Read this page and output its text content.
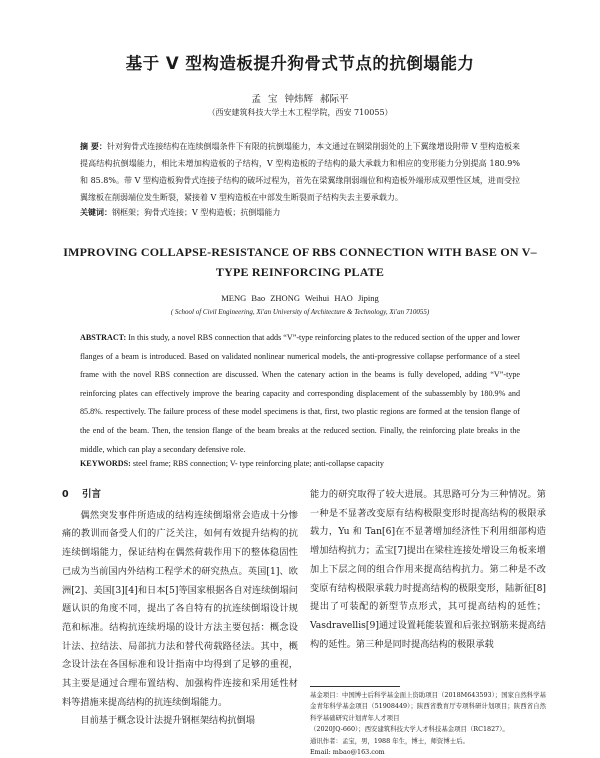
基于 V 型构造板提升狗骨式节点的抗倒塌能力
孟 宝 钟炜辉 郝际平
（西安建筑科技大学土木工程学院，西安 710055）
摘 要：针对狗骨式连接结构在连续倒塌条件下有限的抗倒塌能力，本文通过在钢梁削弱处的上下翼缘增设附带 V 型构造板来提高结构抗倒塌能力，相比未增加构造板的子结构，V 型构造板的子结构的最大承载力和相应的变形能力分别提高 180.9%和 85.8%。带 V 型构造板狗骨式连接子结构的破坏过程为，首先在梁翼缘削弱端位和构造板外端形成双塑性区域，进而受拉翼缘板在削弱端位发生断裂，紧接着 V 型构造板在中部发生断裂而子结构失去主要承载力。
关键词：钢框架；狗骨式连接；V 型构造板；抗倒塌能力
IMPROVING COLLAPSE-RESISTANCE OF RBS CONNECTION WITH BASE ON V–TYPE REINFORCING PLATE
MENG Bao ZHONG Weihui HAO Jiping
( School of Civil Engineering, Xi'an University of Architecture & Technology, Xi'an 710055)
ABSTRACT: In this study, a novel RBS connection that adds “V”-type reinforcing plates to the reduced section of the upper and lower flanges of a beam is introduced. Based on validated nonlinear numerical models, the anti-progressive collapse performance of a steel frame with the novel RBS connection are discussed. When the catenary action in the beams is fully developed, adding “V”-type reinforcing plates can effectively improve the bearing capacity and corresponding displacement of the subassembly by 180.9% and 85.8%. respectively. The failure process of these model specimens is that, first, two plastic regions are formed at the tension flange of the end of the beam. Then, the tension flange of the beam breaks at the reduced section. Finally, the reinforcing plate breaks in the middle, which can play a secondary defensive role.
KEYWORDS: steel frame; RBS connection; V- type reinforcing plate; anti-collapse capacity
0 引言

偶然突发事件所造成的结构连续倒塌常会造成十分惨痛的教训而备受人们的广泛关注，如何有效提升结构的抗连续倒塌能力，保证结构在偶然荷载作用下的整体稳固性已成为当前国内外结构工程学术的研究热点。英国[1]、欧洲[2]、美国[3][4]和日本[5]等国家根据各自对连续倒塌问题认识的角度不同，提出了各自特有的抗连续倒塌设计规范和标准。结构抗连续坍塌的设计方法主要包括：概念设计法、拉结法、局部抗力法和替代荷载路径法。其中，概念设计法在各国标准和设计指南中均得到了足够的重视，其主要是通过合理布置结构、加强构件连接和采用延性材料等措施来提高结构的抗连续倒塌能力。

目前基于概念设计法提升钢框架结构抗倒塌

能力的研究取得了较大进展。其思路可分为三种情况。第一种是不显著改变原有结构极限变形时提高结构的极限承载力，Yu 和 Tan[6]在不显著增加经济性下利用细部构造增加结构抗力；孟宝[7]提出在梁柱连接处增设三角板来增加上下层之间的组合作用来提高结构抗力。第二种是不改变原有结构极限承载力时提高结构的极限变形，陆新征[8]提出了可装配的新型节点形式，其可提高结构的延性；Vasdravellis[9]通过设置耗能装置和后张拉钢筋来提高结构的延性。第三种是同时提高结构的极限承载

基金项目：中国博士后科学基金面上资助项目（2018M643593）；国家自然科学基金青年科学基金项目（51908449）；陕西省教育厅专项科研计划项目；陕西省自然科学基础研究计划青年人才项目
（2020JQ-660）；西安建筑科技大学人才科技基金项目（RC1827）。
通讯作者：孟宝，男，1988 年生，博士，师资博士后。
Email: mbao@163.com
